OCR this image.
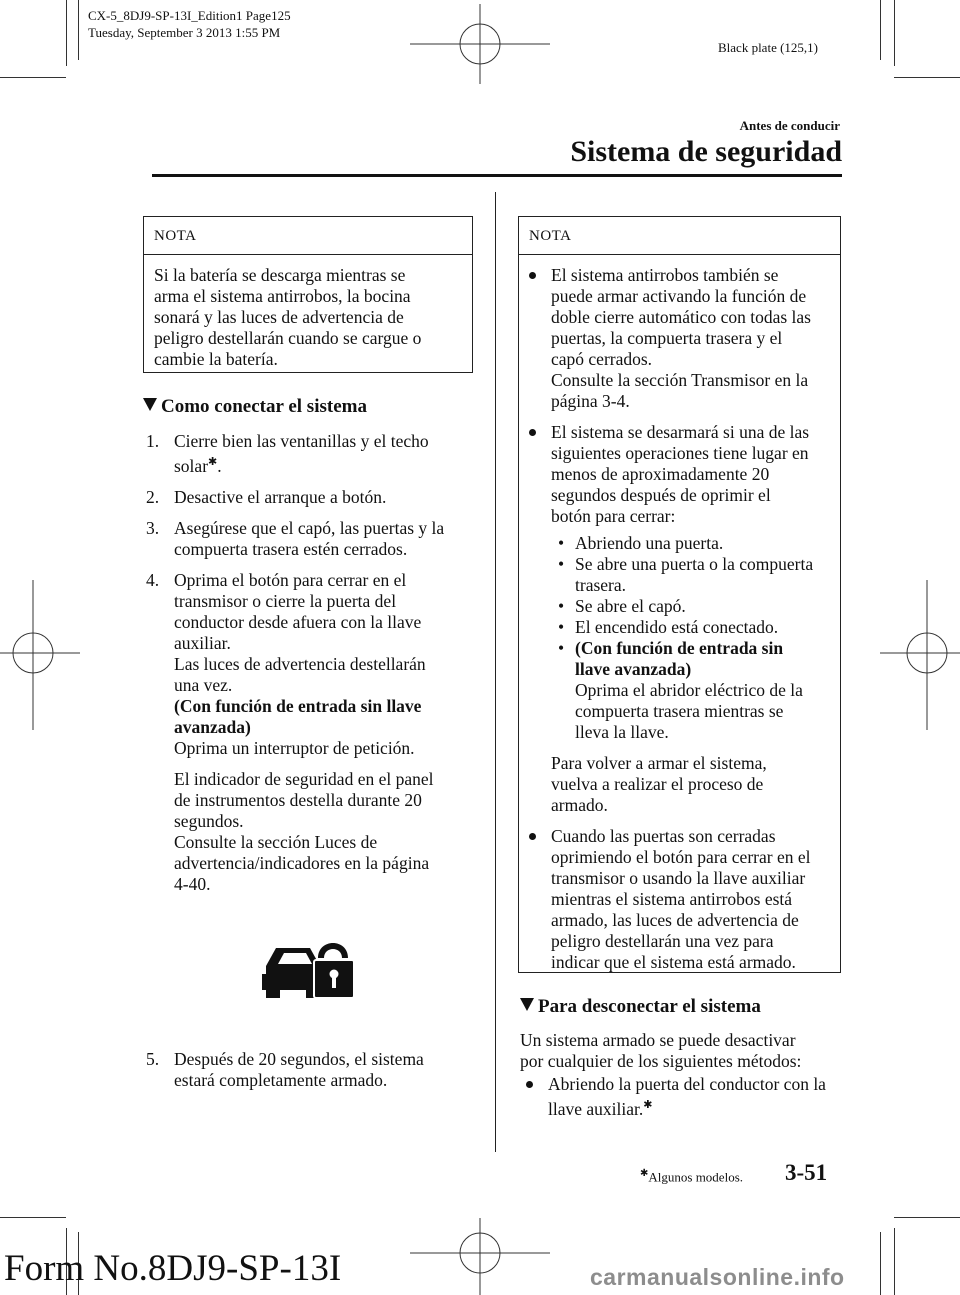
CX-5_8DJ9-SP-13I_Edition1 Page125
Tuesday, September 3 2013 1:55 PM
Black plate (125,1)
Antes de conducir
Sistema de seguridad
NOTA
Si la batería se descarga mientras se
arma el sistema antirrobos, la bocina
sonará y las luces de advertencia de
peligro destellarán cuando se cargue o
cambie la batería.
Como conectar el sistema
1. Cierre bien las ventanillas y el techo
solar✱.
2. Desactive el arranque a botón.
3. Asegúrese que el capó, las puertas y la
compuerta trasera estén cerrados.
4. Oprima el botón para cerrar en el
transmisor o cierre la puerta del
conductor desde afuera con la llave
auxiliar.
Las luces de advertencia destellarán
una vez.
(Con función de entrada sin llave
avanzada)
Oprima un interruptor de petición.
El indicador de seguridad en el panel
de instrumentos destella durante 20
segundos.
Consulte la sección Luces de
advertencia/indicadores en la página
4-40.
5. Después de 20 segundos, el sistema
estará completamente armado.
NOTA
El sistema antirrobos también se
puede armar activando la función de
doble cierre automático con todas las
puertas, la compuerta trasera y el
capó cerrados.
Consulte la sección Transmisor en la
página 3-4.
El sistema se desarmará si una de las
siguientes operaciones tiene lugar en
menos de aproximadamente 20
segundos después de oprimir el
botón para cerrar:
• Abriendo una puerta.
• Se abre una puerta o la compuerta
trasera.
• Se abre el capó.
• El encendido está conectado.
• (Con función de entrada sin
llave avanzada)
Oprima el abridor eléctrico de la
compuerta trasera mientras se
lleva la llave.
Para volver a armar el sistema,
vuelva a realizar el proceso de
armado.
Cuando las puertas son cerradas
oprimiendo el botón para cerrar en el
transmisor o usando la llave auxiliar
mientras el sistema antirrobos está
armado, las luces de advertencia de
peligro destellarán una vez para
indicar que el sistema está armado.
Para desconectar el sistema
Un sistema armado se puede desactivar
por cualquier de los siguientes métodos:
Abriendo la puerta del conductor con la
llave auxiliar.✱
✱Algunos modelos. 3-51
Form No.8DJ9-SP-13I	carmanualsonline.info
